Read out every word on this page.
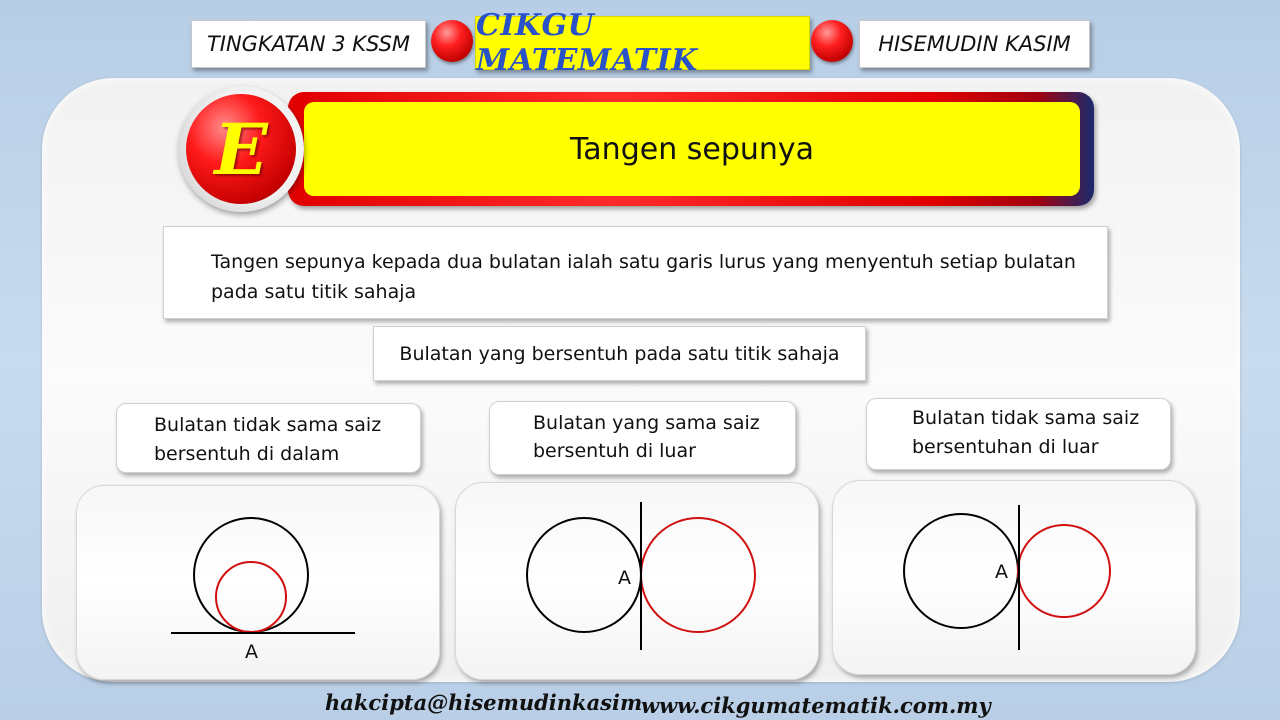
TINGKATAN 3 KSSM
CIKGU MATEMATIK	HISEMUDIN KASIM
Tangen sepunya
E
Tangen sepunya kepada dua bulatan ialah satu garis lurus yang menyentuh setiap bulatan pada satu titik sahaja
Bulatan yang bersentuh pada satu titik sahaja
Bulatan tidak sama saiz
bersentuh di dalam
Bulatan yang sama saiz
bersentuh di luar
Bulatan tidak sama saiz
bersentuhan di luar
A
A	A
hakcipta@hisemudinkasim
www.cikgumatematik.com.my
